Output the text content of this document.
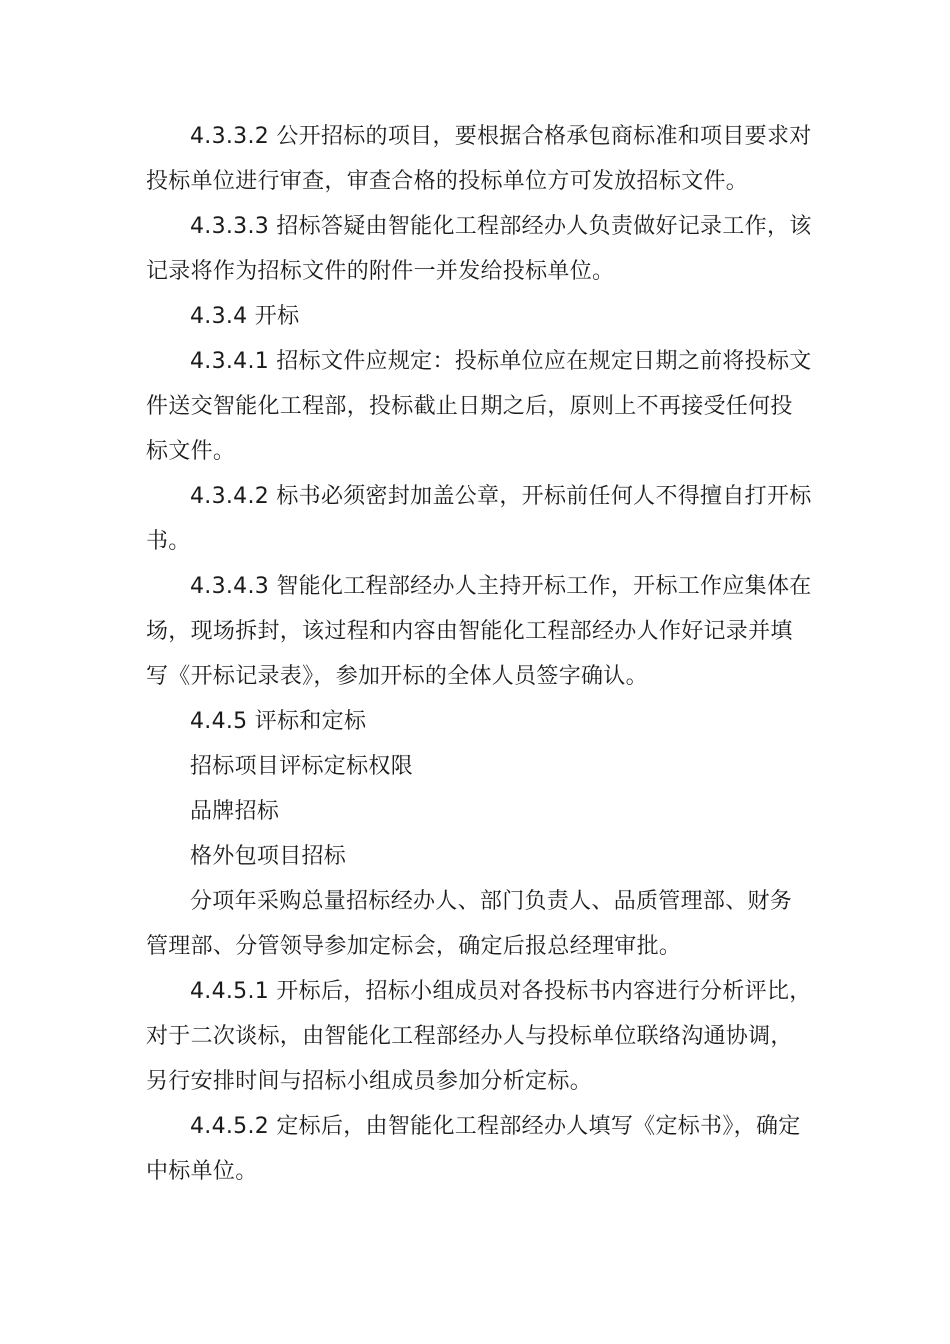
4.3.3.2 公开招标的项目，要根据合格承包商标准和项目要求对
投标单位进行审查，审查合格的投标单位方可发放招标文件。
4.3.3.3 招标答疑由智能化工程部经办人负责做好记录工作，该
记录将作为招标文件的附件一并发给投标单位。
4.3.4 开标
4.3.4.1 招标文件应规定：投标单位应在规定日期之前将投标文
件送交智能化工程部，投标截止日期之后，原则上不再接受任何投
标文件。
4.3.4.2 标书必须密封加盖公章，开标前任何人不得擅自打开标
书。
4.3.4.3 智能化工程部经办人主持开标工作，开标工作应集体在
场，现场拆封，该过程和内容由智能化工程部经办人作好记录并填
写《开标记录表》，参加开标的全体人员签字确认。
4.4.5 评标和定标
招标项目评标定标权限
品牌招标
格外包项目招标
分项年采购总量招标经办人、部门负责人、品质管理部、财务
管理部、分管领导参加定标会，确定后报总经理审批。
4.4.5.1 开标后，招标小组成员对各投标书内容进行分析评比，
对于二次谈标，由智能化工程部经办人与投标单位联络沟通协调，
另行安排时间与招标小组成员参加分析定标。
4.4.5.2 定标后，由智能化工程部经办人填写《定标书》，确定
中标单位。
